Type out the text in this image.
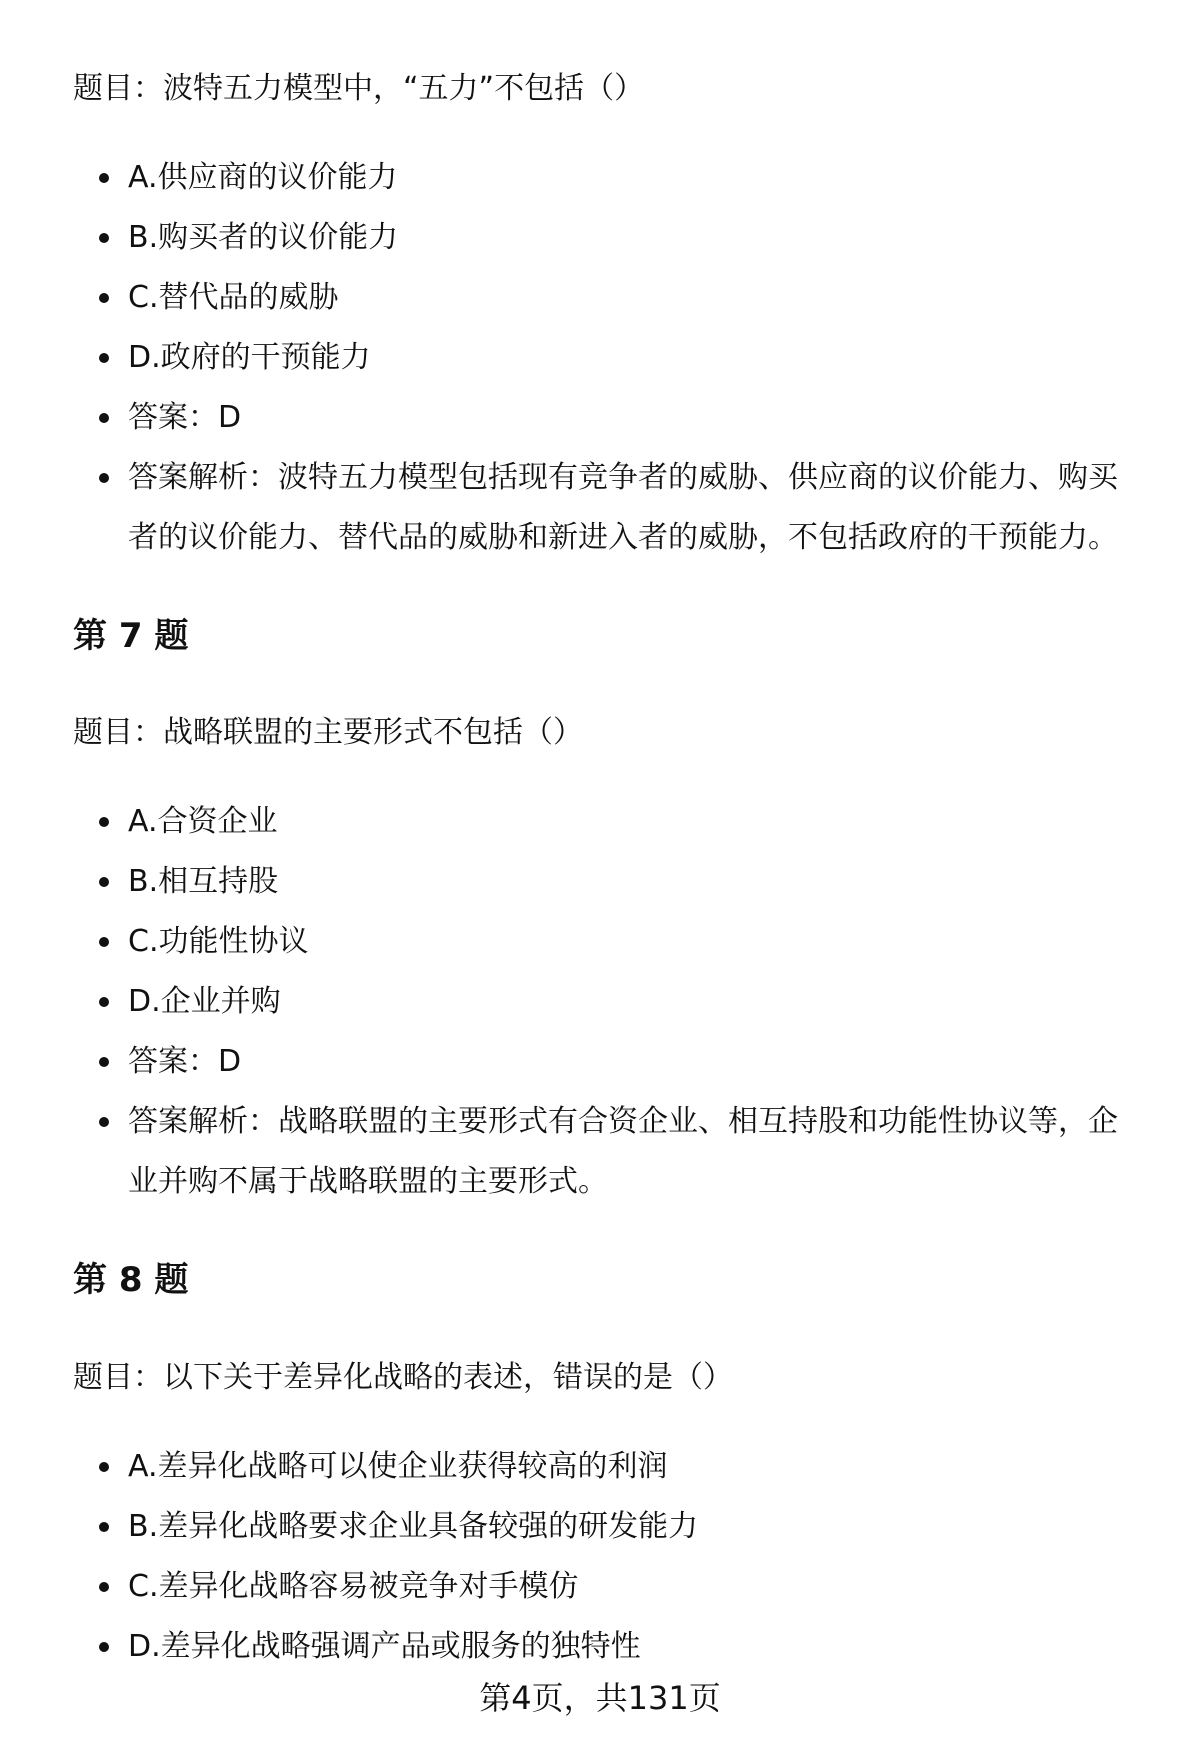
题目：波特五力模型中，“五力”不包括（）
A.供应商的议价能力
B.购买者的议价能力
C.替代品的威胁
D.政府的干预能力
答案：D
答案解析：波特五力模型包括现有竞争者的威胁、供应商的议价能力、购买者的议价能力、替代品的威胁和新进入者的威胁，不包括政府的干预能力。
第 7 题
题目：战略联盟的主要形式不包括（）
A.合资企业
B.相互持股
C.功能性协议
D.企业并购
答案：D
答案解析：战略联盟的主要形式有合资企业、相互持股和功能性协议等，企业并购不属于战略联盟的主要形式。
第 8 题
题目：以下关于差异化战略的表述，错误的是（）
A.差异化战略可以使企业获得较高的利润
B.差异化战略要求企业具备较强的研发能力
C.差异化战略容易被竞争对手模仿
D.差异化战略强调产品或服务的独特性
第4页，共131页
